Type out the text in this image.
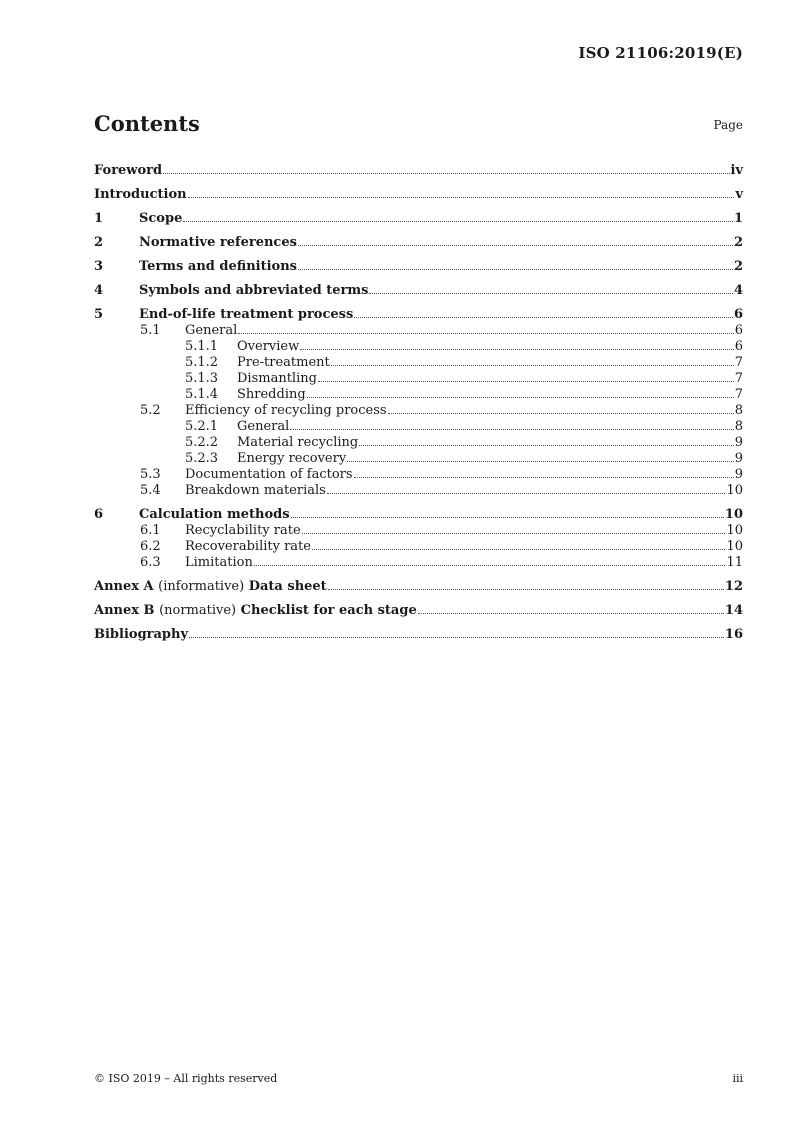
ISO 21106:2019(E)
Contents	Page
Foreword	iv
Introduction	v
1	Scope	1
2	Normative references	2
3	Terms and definitions	2
4	Symbols and abbreviated terms	4
5	End-of-life treatment process	6
5.1 General	6
5.1.1 Overview	6
5.1.2 Pre-treatment	7
5.1.3 Dismantling	7
5.1.4 Shredding	7
5.2 Efficiency of recycling process	8
5.2.1 General	8
5.2.2 Material recycling	9
5.2.3 Energy recovery	9
5.3 Documentation of factors	9
5.4 Breakdown materials	10
6	Calculation methods	10
6.1 Recyclability rate	10
6.2 Recoverability rate	10
6.3 Limitation	11
Annex A (informative) Data sheet	12
Annex B (normative) Checklist for each stage	14
Bibliography	16
© ISO 2019 – All rights reserved	iii
